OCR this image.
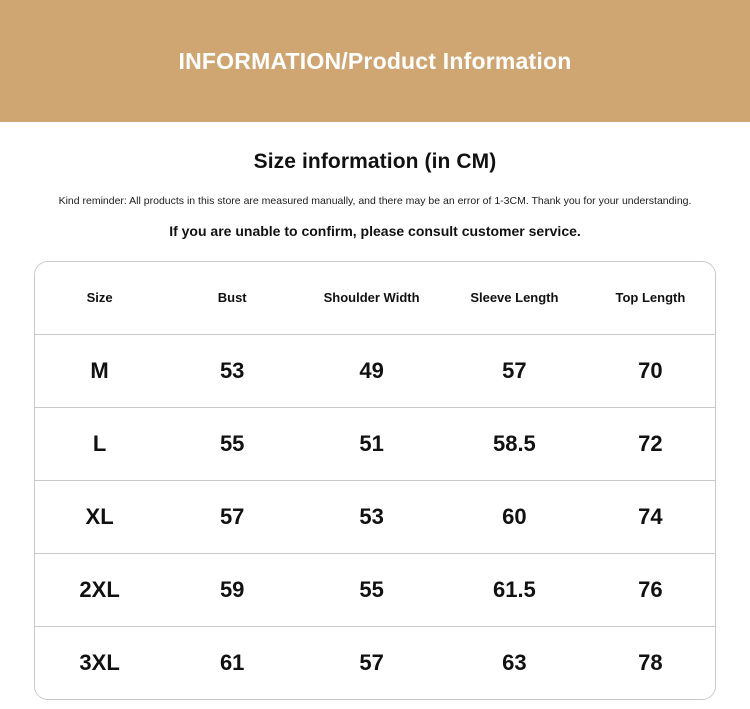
INFORMATION/Product Information
Size information (in CM)
Kind reminder: All products in this store are measured manually, and there may be an error of 1-3CM. Thank you for your understanding.
If you are unable to confirm, please consult customer service.
Size	Bust	Shoulder Width	Sleeve Length	Top Length
M	53	49	57	70
L	55	51	58.5	72
XL	57	53	60	74
2XL	59	55	61.5	76
3XL	61	57	63	78
